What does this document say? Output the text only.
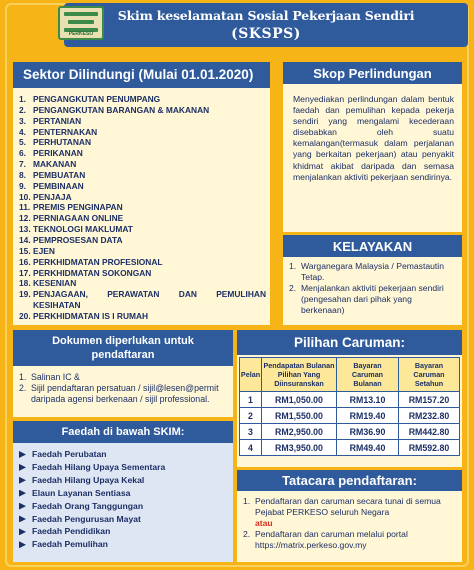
Skim keselamatan Sosial Pekerjaan Sendiri
(SKSPS)
PERKESO
Sektor Dilindungi (Mulai 01.01.2020)
1. PENGANGKUTAN PENUMPANG
2. PENGANGKUTAN BARANGAN & MAKANAN
3. PERTANIAN
4. PENTERNAKAN
5. PERHUTANAN
6. PERIKANAN
7. MAKANAN
8. PEMBUATAN
9. PEMBINAAN
10. PENJAJA
11. PREMIS PENGINAPAN
12. PERNIAGAAN ONLINE
13. TEKNOLOGI MAKLUMAT
14. PEMPROSESAN DATA
15. EJEN
16. PERKHIDMATAN PROFESIONAL
17. PERKHIDMATAN SOKONGAN
18. KESENIAN
19. PENJAGAAN, PERAWATAN DAN PEMULIHAN
KESIHATAN
20. PERKHIDMATAN IS I RUMAH
Skop Perlindungan
Menyediakan perlindungan dalam bentuk faedah dan pemulihan kepada pekerja sendiri yang mengalami kecederaan disebabkan oleh suatu kemalangan(termasuk dalam perjalanan yang berkaitan pekerjaan) atau penyakit khidmat akibat daripada dan semasa menjalankan aktiviti pekerjaan sendirinya.
KELAYAKAN
1. Warganegara Malaysia / Pemastautin Tetap.
2. Menjalankan aktiviti pekerjaan sendiri (pengesahan dari pihak yang berkenaan)
Dokumen diperlukan untuk
pendaftaran
1. Salinan IC &
2. Sijil pendaftaran persatuan / sijil@lesen@permit daripada agensi berkenaan / sijil professional.
Faedah di bawah SKIM:
Faedah Perubatan
Faedah Hilang Upaya Sementara
Faedah Hilang Upaya Kekal
Elaun Layanan Sentiasa
Faedah Orang Tanggungan
Faedah Pengurusan Mayat
Faedah Pendidikan
Faedah Pemulihan
Pilihan Caruman:
Pelan	Pendapatan Bulanan Pilihan Yang Diinsuranskan	Bayaran Caruman Bulanan	Bayaran Caruman Setahun
1	RM1,050.00	RM13.10	RM157.20
2	RM1,550.00	RM19.40	RM232.80
3	RM2,950.00	RM36.90	RM442.80
4	RM3,950.00	RM49.40	RM592.80
Tatacara pendaftaran:
1. Pendaftaran dan caruman secara tunai di semua Pejabat PERKESO seluruh Negara
atau
2. Pendaftaran dan caruman melalui portal https://matrix.perkeso.gov.my
